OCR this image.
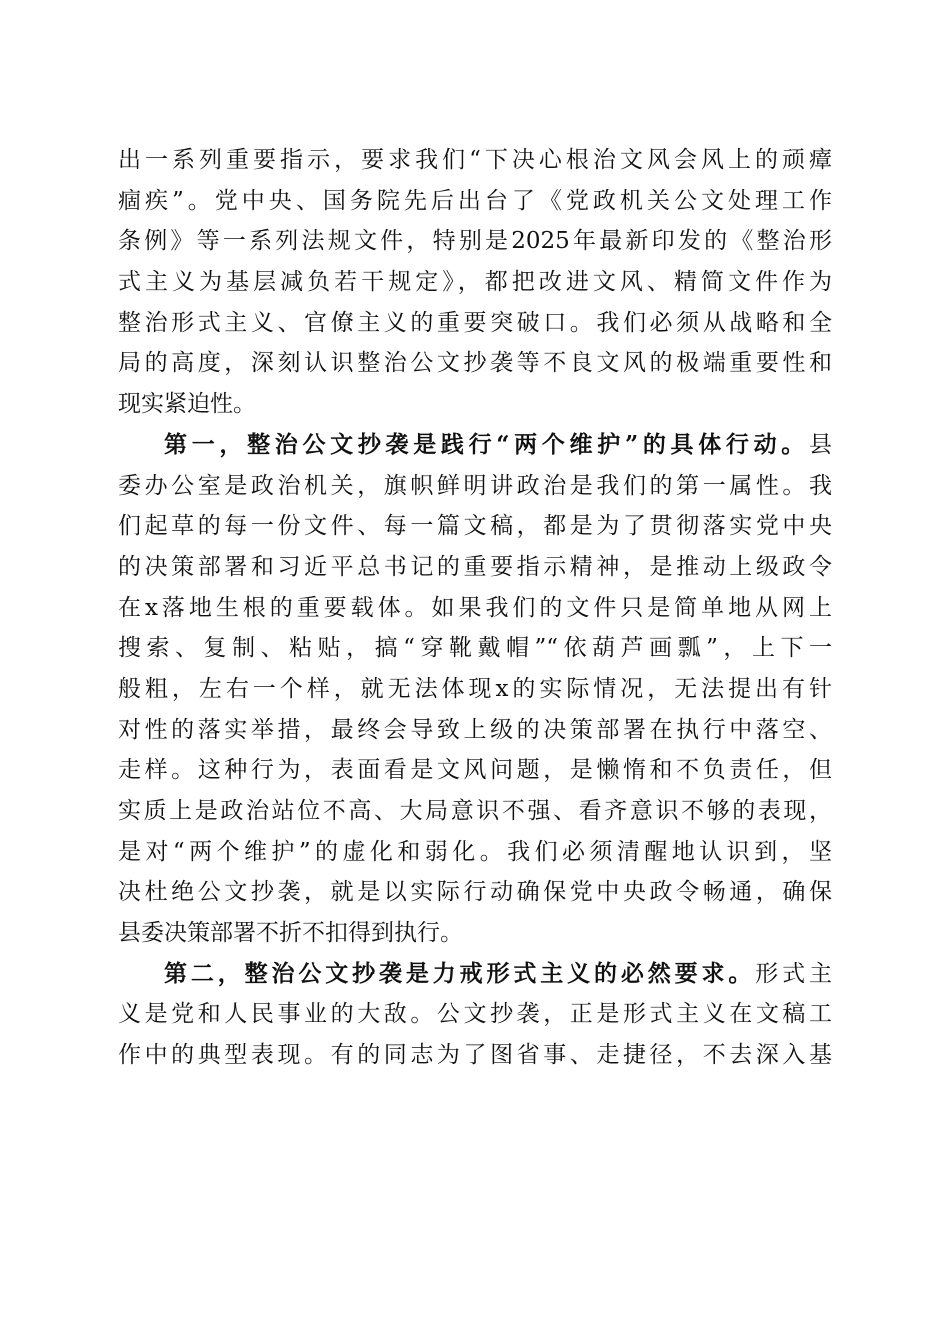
出一系列重要指示，要求我们“下决心根治文风会风上的顽瘴
痼疾”。党中央、国务院先后出台了《党政机关公文处理工作
条例》等一系列法规文件，特别是2025年最新印发的《整治形
式主义为基层减负若干规定》，都把改进文风、精简文件作为
整治形式主义、官僚主义的重要突破口。我们必须从战略和全
局的高度，深刻认识整治公文抄袭等不良文风的极端重要性和
现实紧迫性。
第一，整治公文抄袭是践行“两个维护”的具体行动。县
委办公室是政治机关，旗帜鲜明讲政治是我们的第一属性。我
们起草的每一份文件、每一篇文稿，都是为了贯彻落实党中央
的决策部署和习近平总书记的重要指示精神，是推动上级政令
在x落地生根的重要载体。如果我们的文件只是简单地从网上
搜索、复制、粘贴，搞“穿靴戴帽”“依葫芦画瓢”，上下一
般粗，左右一个样，就无法体现x的实际情况，无法提出有针
对性的落实举措，最终会导致上级的决策部署在执行中落空、
走样。这种行为，表面看是文风问题，是懒惰和不负责任，但
实质上是政治站位不高、大局意识不强、看齐意识不够的表现，
是对“两个维护”的虚化和弱化。我们必须清醒地认识到，坚
决杜绝公文抄袭，就是以实际行动确保党中央政令畅通，确保
县委决策部署不折不扣得到执行。
第二，整治公文抄袭是力戒形式主义的必然要求。形式主
义是党和人民事业的大敌。公文抄袭，正是形式主义在文稿工
作中的典型表现。有的同志为了图省事、走捷径，不去深入基
